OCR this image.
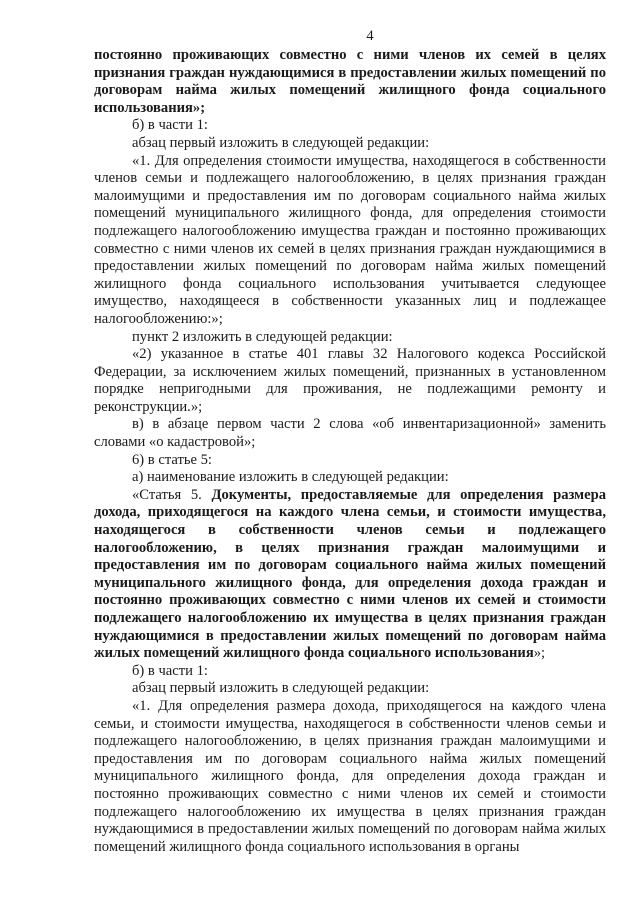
4

постоянно проживающих совместно с ними членов их семей в целях признания граждан нуждающимися в предоставлении жилых помещений по договорам найма жилых помещений жилищного фонда социального использования»;

б) в части 1:

абзац первый изложить в следующей редакции:

«1. Для определения стоимости имущества, находящегося в собственности членов семьи и подлежащего налогообложению, в целях признания граждан малоимущими и предоставления им по договорам социального найма жилых помещений муниципального жилищного фонда, для определения стоимости подлежащего налогообложению имущества граждан и постоянно проживающих совместно с ними членов их семей в целях признания граждан нуждающимися в предоставлении жилых помещений по договорам найма жилых помещений жилищного фонда социального использования учитывается следующее имущество, находящееся в собственности указанных лиц и подлежащее налогообложению:»;

пункт 2 изложить в следующей редакции:

«2) указанное в статье 401 главы 32 Налогового кодекса Российской Федерации, за исключением жилых помещений, признанных в установленном порядке непригодными для проживания, не подлежащими ремонту и реконструкции.»;

в) в абзаце первом части 2 слова «об инвентаризационной» заменить словами «о кадастровой»;

6) в статье 5:

а) наименование изложить в следующей редакции:

«Статья 5. Документы, предоставляемые для определения размера дохода, приходящегося на каждого члена семьи, и стоимости имущества, находящегося в собственности членов семьи и подлежащего налогообложению, в целях признания граждан малоимущими и предоставления им по договорам социального найма жилых помещений муниципального жилищного фонда, для определения дохода граждан и постоянно проживающих совместно с ними членов их семей и стоимости подлежащего налогообложению их имущества в целях признания граждан нуждающимися в предоставлении жилых помещений по договорам найма жилых помещений жилищного фонда социального использования»;

б) в части 1:

абзац первый изложить в следующей редакции:

«1. Для определения размера дохода, приходящегося на каждого члена семьи, и стоимости имущества, находящегося в собственности членов семьи и подлежащего налогообложению, в целях признания граждан малоимущими и предоставления им по договорам социального найма жилых помещений муниципального жилищного фонда, для определения дохода граждан и постоянно проживающих совместно с ними членов их семей и стоимости подлежащего налогообложению их имущества в целях признания граждан нуждающимися в предоставлении жилых помещений по договорам найма жилых помещений жилищного фонда социального использования в органы
